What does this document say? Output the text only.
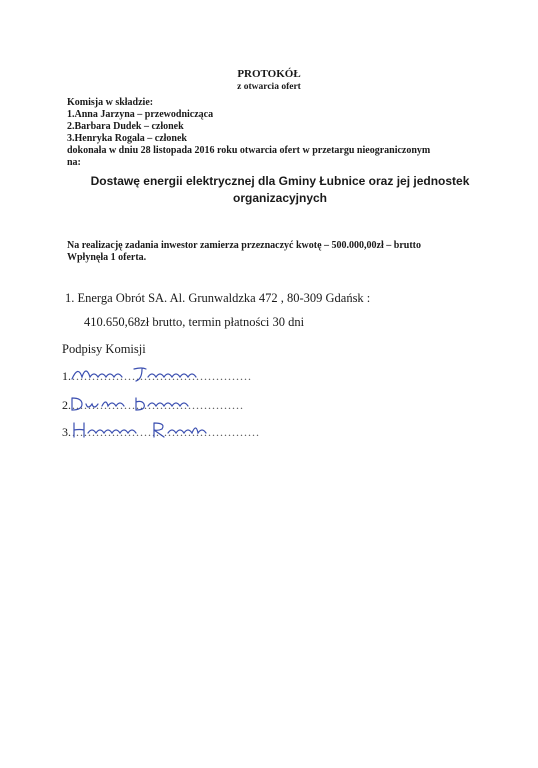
PROTOKÓŁ
z otwarcia ofert
Komisja w składzie:
1.Anna Jarzyna – przewodnicząca
2.Barbara Dudek – członek
3.Henryka Rogala – członek
dokonała w dniu 28 listopada 2016 roku otwarcia ofert w przetargu nieograniczonym
na:
Dostawę energii elektrycznej dla Gminy Łubnice oraz jej jednostek organizacyjnych
Na realizację zadania inwestor zamierza przeznaczyć kwotę – 500.000,00zł – brutto
Wpłynęła 1 oferta.
1. Energa Obrót SA. Al. Grunwaldzka 472 , 80-309 Gdańsk :
410.650,68zł brutto, termin płatności 30 dni
Podpisy Komisji
1. .............................................
2. ...........................................
3. ...............................................
